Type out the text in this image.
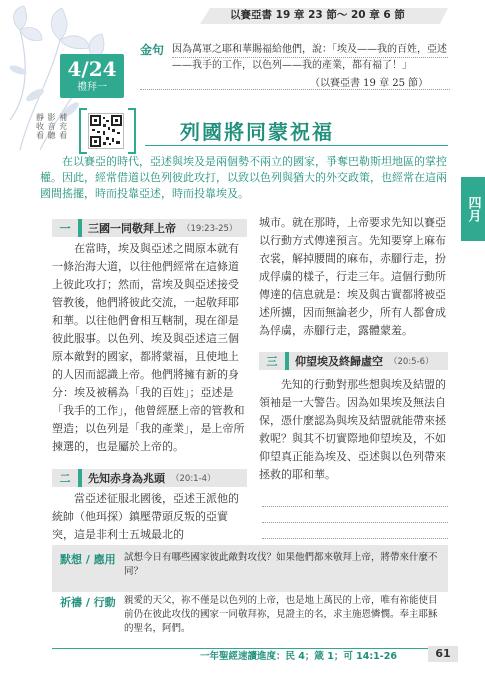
4/24
禮拜一
以賽亞書 19 章 23 節～ 20 章 6 節
金句 因為萬軍之耶和華賜福給他們，說：「埃及——我的百姓，亞述——我手的工作，以色列——我的產業，都有福了！」
（以賽亞書 19 章 25 節）
靜
收
看 影
音
聽 補
充
看	列國將同蒙祝福

在以賽亞的時代，亞述與埃及是兩個勢不兩立的國家，爭奪巴勒斯坦地區的掌控權。因此，經常借道以色列彼此攻打，以致以色列與猶大的外交政策，也經常在這兩國間搖擺，時而投靠亞述，時而投靠埃及。

四月
一	三國一同敬拜上帝 （19:23-25）

在當時，埃及與亞述之間原本就有一條治海大道，以往他們經常在這條道上彼此攻打；然而，當埃及與亞述接受管教後，他們將彼此交流，一起敬拜耶和華。以往他們會相互轄制，現在卻是彼此服事。以色列、埃及與亞述這三個原本敵對的國家，都將蒙福，且使地上的人因而認識上帝。他們將擁有新的身分：埃及被稱為「我的百姓」；亞述是「我手的工作」，他曾經歷上帝的管教和塑造；以色列是「我的產業」，是上帝所揀選的，也是屬於上帝的。

二	先知赤身為兆頭 （20:1-4）

當亞述征服北國後，亞述王派他的統帥（他珥探）鎮壓帶頭反叛的亞實突，這是非利士五城最北的

城市。就在那時，上帝要求先知以賽亞以行動方式傳達預言。先知要穿上麻布衣裳，解掉腰間的麻布，赤腳行走，扮成俘虜的樣子，行走三年。這個行動所傳達的信息就是：埃及與古實都將被亞述所擄，因而無論老少，所有人都會成為俘虜，赤腳行走，露體蒙羞。

三	仰望埃及終歸虛空 （20:5-6）

先知的行動對那些想與埃及結盟的領袖是一大警告。因為如果埃及無法自保，憑什麼認為與埃及結盟就能帶來拯救呢？與其不切實際地仰望埃及，不如仰望真正能為埃及、亞述與以色列帶來拯救的耶和華。

默想 / 應用 試想今日有哪些國家彼此敵對攻伐？如果他們都來敬拜上帝，將帶來什麼不同？
祈禱 / 行動 親愛的天父，祢不僅是以色列的上帝，也是地上萬民的上帝，唯有祢能使目前仍在彼此攻伐的國家一同敬拜祢，見證主的名，求主施恩憐憫。奉主耶穌的聖名，阿們。
一年聖經速讀進度：民 4；箴 1；可 14:1-26	61
